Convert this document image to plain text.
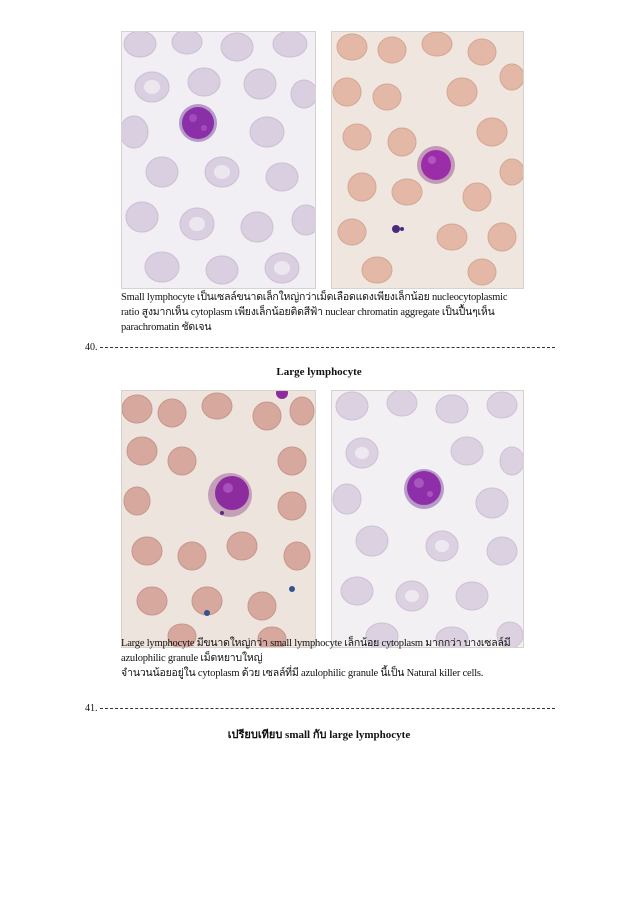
Small lymphocyte เป็นเซลล์ขนาดเล็กใหญ่กว่าเม็ดเลือดแดงเพียงเล็กน้อย nucleocytoplasmic

ratio สูงมากเห็น cytoplasm เพียงเล็กน้อยติดสีฟ้า nuclear chromatin aggregate เป็นปื้นๆเห็น

parachromatin ชัดเจน

40.
Large lymphocyte

Large lymphocyte มีขนาดใหญ่กว่า small lymphocyte เล็กน้อย cytoplasm มากกว่า บางเซลล์มี

azulophilic granule เม็ดหยาบใหญ่

จำนวนน้อยอยู่ใน cytoplasm ด้วย เซลล์ที่มี azulophilic granule นี้เป็น Natural killer cells.

41.
เปรียบเทียบ small กับ large lymphocyte
